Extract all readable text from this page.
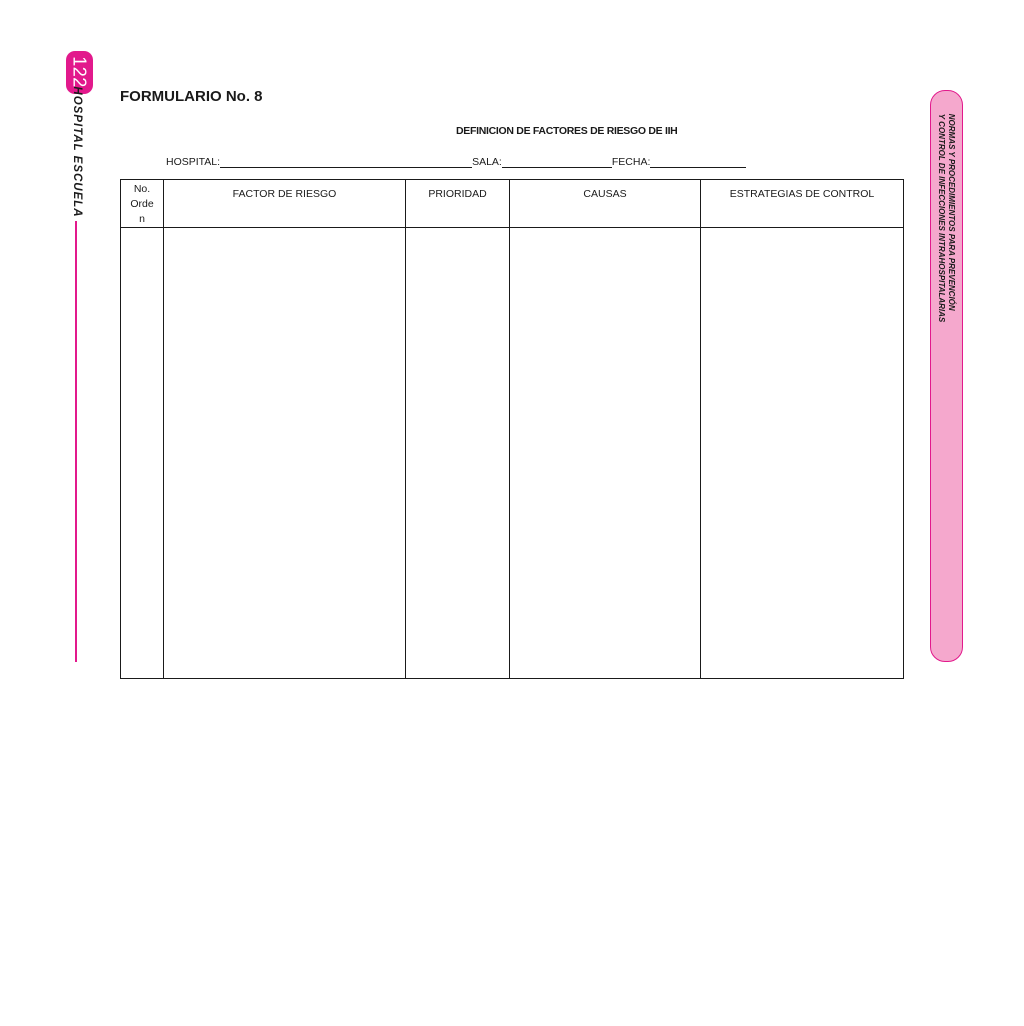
122
HOSPITAL ESCUELA	NORMAS Y PROCEDIMIENTOS PARA PREVENCIÓN
Y CONTROL DE INFECCIONES INTRAHOSPITALARIAS
FORMULARIO No. 8
DEFINICION DE FACTORES DE RIESGO DE IIH
HOSPITAL:	SALA:	FECHA:
No.
Orde
n	FACTOR DE RIESGO	PRIORIDAD	CAUSAS	ESTRATEGIAS DE CONTROL
